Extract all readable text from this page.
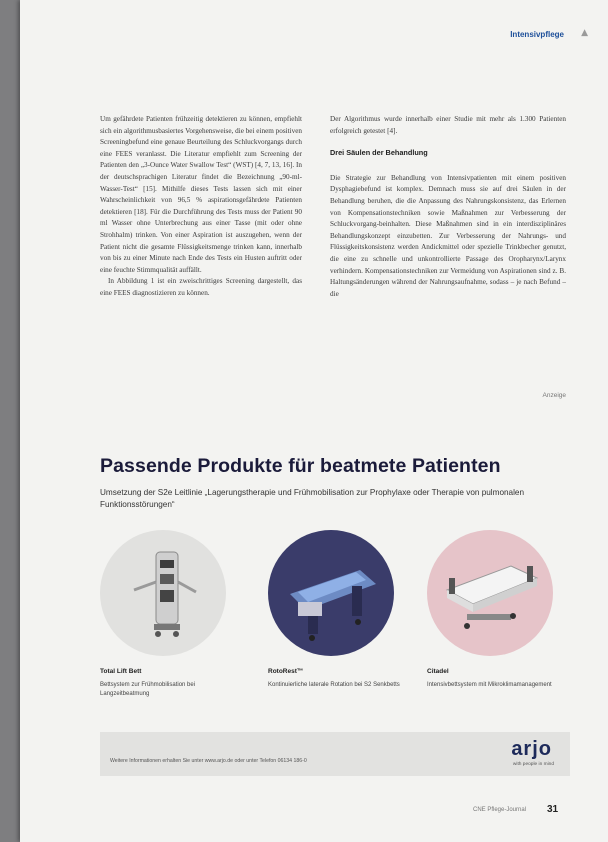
Intensivpflege ▲

Um gefährdete Patienten frühzeitig detektieren zu können, empfiehlt sich ein algorithmusbasiertes Vorgehensweise, die bei einem positiven Screeningbefund eine genaue Beurteilung des Schluckvorgangs durch eine FEES veranlasst. Die Literatur empfiehlt zum Screening der Patienten den „3-Ounce Water Swallow Test“ (WST) [4, 7, 13, 16]. In der deutschsprachigen Literatur findet die Bezeichnung „90-ml-Wasser-Test“ [15]. Mithilfe dieses Tests lassen sich mit einer Wahrscheinlichkeit von 96,5 % aspirationsgefährdete Patienten detektieren [18]. Für die Durchführung des Tests muss der Patient 90 ml Wasser ohne Unterbrechung aus einer Tasse (mit oder ohne Strohhalm) trinken. Von einer Aspiration ist auszugehen, wenn der Patient nicht die gesamte Flüssigkeitsmenge trinken kann, innerhalb von bis zu einer Minute nach Ende des Tests ein Husten auftritt oder eine feuchte Stimmqualität auffällt.

In Abbildung 1 ist ein zweischrittiges Screening dargestellt, das eine FEES diagnostizieren zu können.

Der Algorithmus wurde innerhalb einer Studie mit mehr als 1.300 Patienten erfolgreich getestet [4].

Drei Säulen der Behandlung

Die Strategie zur Behandlung von Intensivpatienten mit einem positiven Dysphagiebefund ist komplex. Demnach muss sie auf drei Säulen in der Behandlung beruhen, die die Anpassung des Nahrungskonsistenz, das Erlernen von Kompensationstechniken sowie Maßnahmen zur Verbesserung der Schluckvorgang-beinhalten. Diese Maßnahmen sind in ein interdisziplinäres Behandlungskonzept einzubetten. Zur Verbesserung der Nahrungs- und Flüssigkeitskonsistenz werden Andickmittel oder spezielle Trinkbecher genutzt, die eine zu schnelle und unkontrollierte Passage des Oropharynx/Larynx verhindern. Kompensationstechniken zur Vermeidung von Aspirationen sind z. B. Haltungsänderungen während der Nahrungsaufnahme, sodass – je nach Befund – die

Anzeige
Passende Produkte für beatmete Patienten
Umsetzung der S2e Leitlinie „Lagerungstherapie und Frühmobilisation zur Prophylaxe oder Therapie von pulmonalen Funktionsstörungen“
Total Lift Bett
Bettsystem zur Frühmobilisation bei Langzeitbeatmung
RotoRest™
Kontinuierliche laterale Rotation bei S2 Senkbetts
Citadel
Intensivbettsystem mit Mikroklimamanagement
Weitere Informationen erhalten Sie unter www.arjo.de oder unter Telefon 06134 186-0
arjo
with people in mind
CNE Pflege-Journal 31
